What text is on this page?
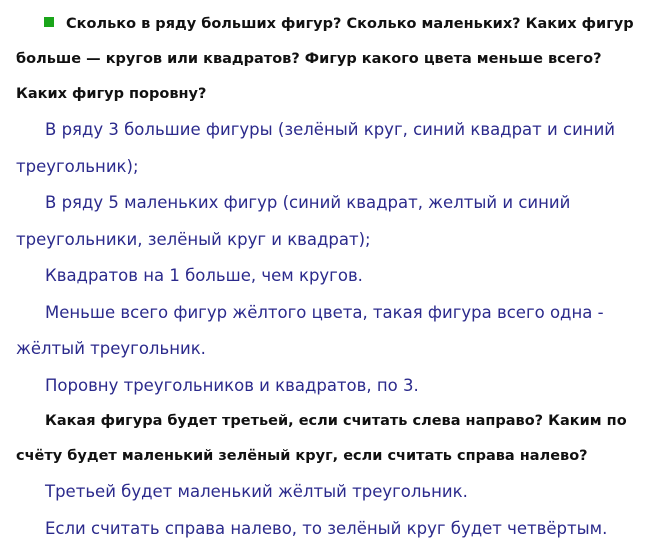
Сколько в ряду больших фигур? Сколько маленьких? Каких фигур больше — кругов или квадратов? Фигур какого цвета меньше всего? Каких фигур поровну?

В ряду 3 большие фигуры (зелёный круг, синий квадрат и синий треугольник);

В ряду 5 маленьких фигур (синий квадрат, желтый и синий треугольники, зелёный круг и квадрат);

Квадратов на 1 больше, чем кругов.

Меньше всего фигур жёлтого цвета, такая фигура всего одна - жёлтый треугольник.

Поровну треугольников и квадратов, по 3.

Какая фигура будет третьей, если считать слева направо? Каким по счёту будет маленький зелёный круг, если считать справа налево?

Третьей будет маленький жёлтый треугольник.

Если считать справа налево, то зелёный круг будет четвёртым.
